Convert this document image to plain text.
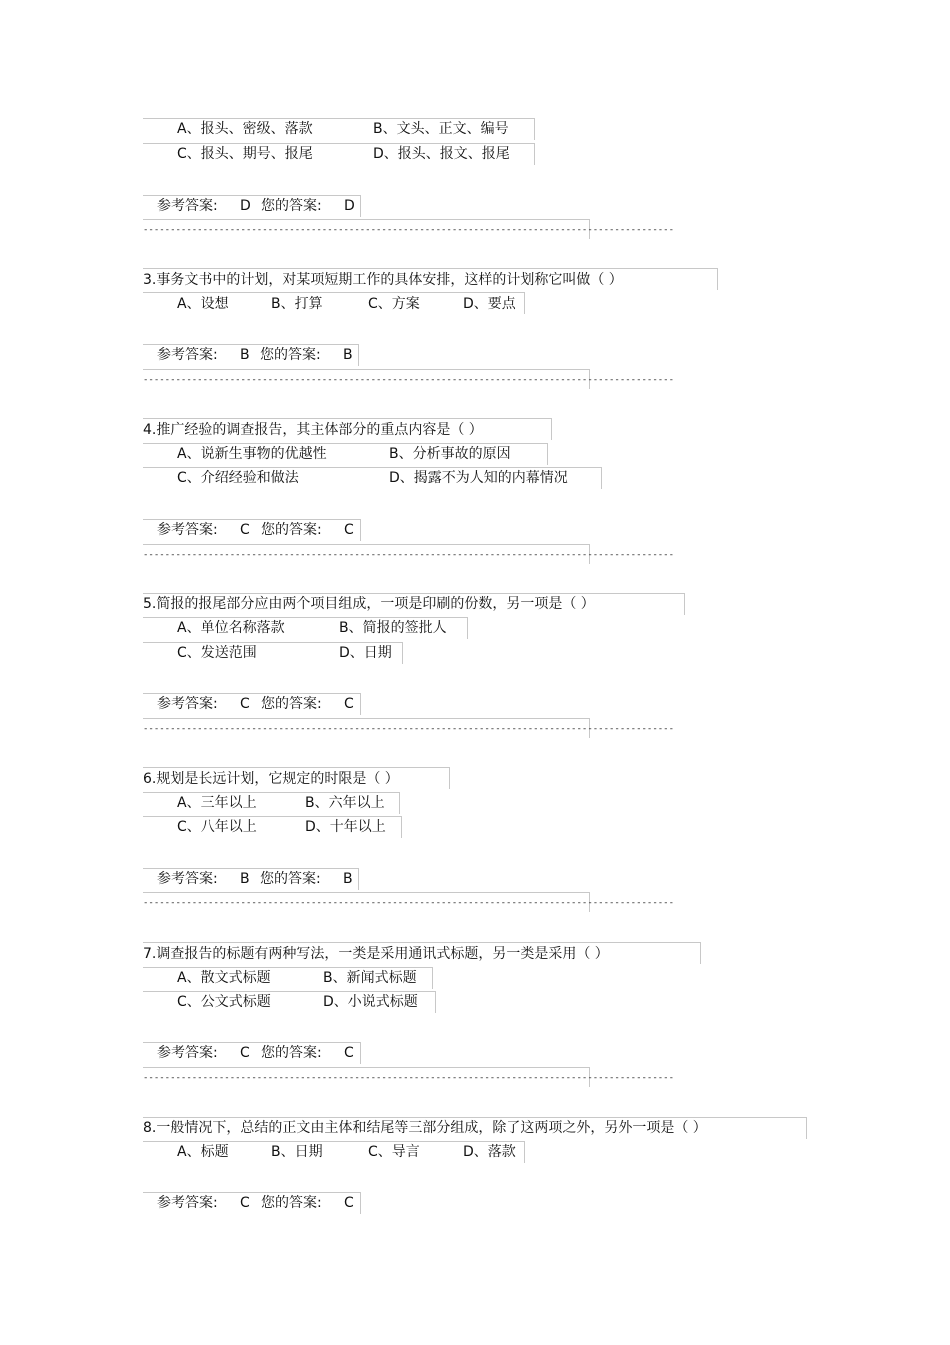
A、报头、密级、落款	B、文头、正文、编号
C、报头、期号、报尾	D、报头、报文、报尾
参考答案: D 您的答案: D
--------------------------------------------------------------------------------------------------
3.事务文书中的计划，对某项短期工作的具体安排，这样的计划称它叫做（ ）
A、设想	B、打算	C、方案	D、要点
参考答案: B 您的答案: B
--------------------------------------------------------------------------------------------------
4.推广经验的调查报告，其主体部分的重点内容是（ ）
A、说新生事物的优越性	B、分析事故的原因
C、介绍经验和做法	D、揭露不为人知的内幕情况
参考答案: C 您的答案: C
--------------------------------------------------------------------------------------------------
5.简报的报尾部分应由两个项目组成，一项是印刷的份数，另一项是（ ）
A、单位名称落款	B、简报的签批人
C、发送范围	D、日期
参考答案: C 您的答案: C
--------------------------------------------------------------------------------------------------
6.规划是长远计划，它规定的时限是（ ）
A、三年以上	B、六年以上
C、八年以上	D、十年以上
参考答案: B 您的答案: B
--------------------------------------------------------------------------------------------------
7.调查报告的标题有两种写法，一类是采用通讯式标题，另一类是采用（ ）
A、散文式标题	B、新闻式标题
C、公文式标题	D、小说式标题
参考答案: C 您的答案: C
--------------------------------------------------------------------------------------------------
8.一般情况下，总结的正文由主体和结尾等三部分组成，除了这两项之外，另外一项是（ ）
A、标题	B、日期	C、导言	D、落款
参考答案: C 您的答案: C
